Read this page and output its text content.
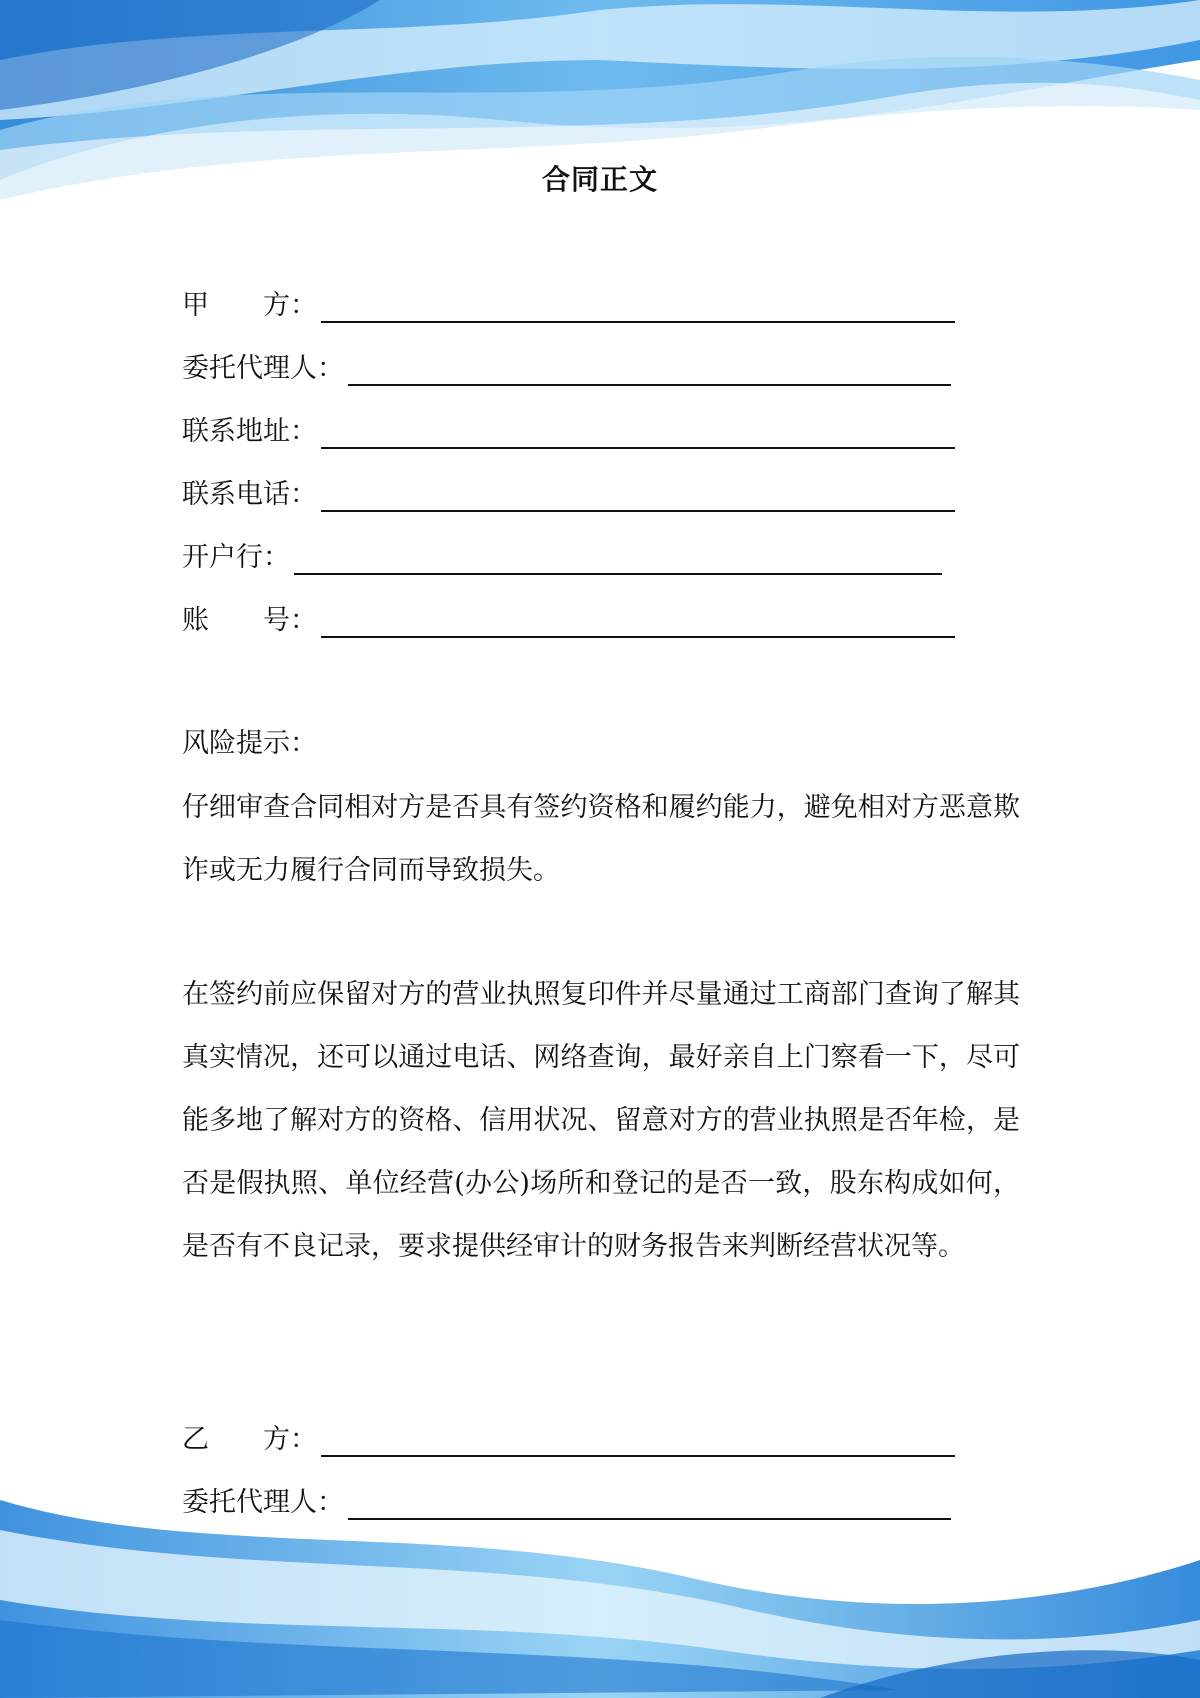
合同正文
甲　　方：
委托代理人：
联系地址：
联系电话：
开户行：
账　　号：
风险提示：
仔细审查合同相对方是否具有签约资格和履约能力，避免相对方恶意欺诈或无力履行合同而导致损失。
在签约前应保留对方的营业执照复印件并尽量通过工商部门查询了解其真实情况，还可以通过电话、网络查询，最好亲自上门察看一下，尽可能多地了解对方的资格、信用状况、留意对方的营业执照是否年检，是否是假执照、单位经营(办公)场所和登记的是否一致，股东构成如何，是否有不良记录，要求提供经审计的财务报告来判断经营状况等。
乙　　方：
委托代理人：
